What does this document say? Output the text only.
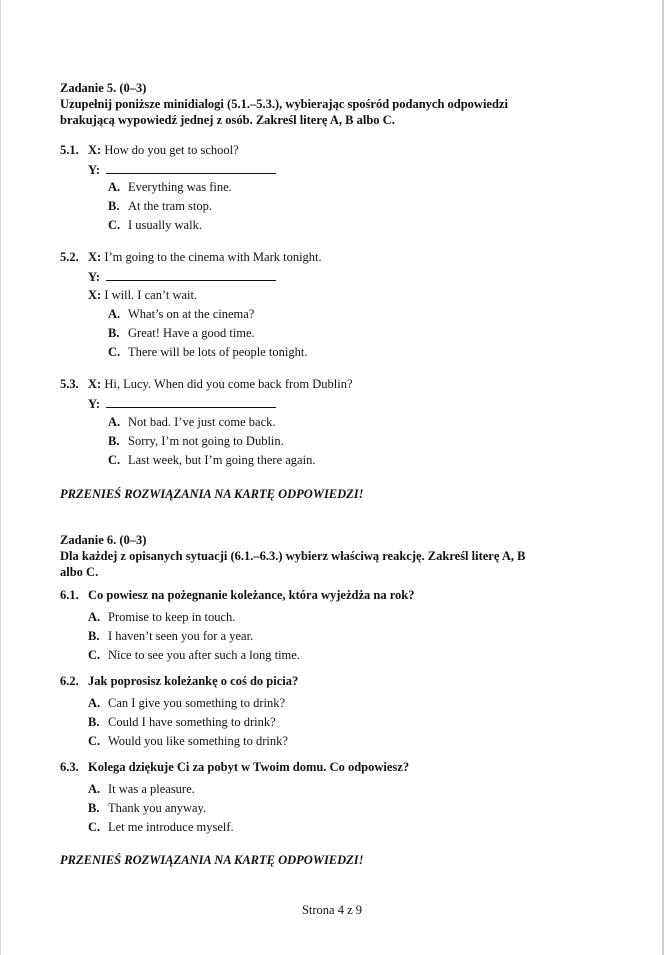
Zadanie 5. (0–3)
Uzupełnij poniższe minidialogi (5.1.–5.3.), wybierając spośród podanych odpowiedzi
brakującą wypowiedź jednej z osób. Zakreśl literę A, B albo C.
5.1. X: How do you get to school?
Y:
A. Everything was fine.
B. At the tram stop.
C. I usually walk.
5.2. X: I’m going to the cinema with Mark tonight.
Y:
X: I will. I can’t wait.
A. What’s on at the cinema?
B. Great! Have a good time.
C. There will be lots of people tonight.
5.3. X: Hi, Lucy. When did you come back from Dublin?
Y:
A. Not bad. I’ve just come back.
B. Sorry, I’m not going to Dublin.
C. Last week, but I’m going there again.
PRZENIEŚ ROZWIĄZANIA NA KARTĘ ODPOWIEDZI!
Zadanie 6. (0–3)
Dla każdej z opisanych sytuacji (6.1.–6.3.) wybierz właściwą reakcję. Zakreśl literę A, B
albo C.
6.1. Co powiesz na pożegnanie koleżance, która wyjeżdża na rok?
A. Promise to keep in touch.
B. I haven’t seen you for a year.
C. Nice to see you after such a long time.
6.2. Jak poprosisz koleżankę o coś do picia?
A. Can I give you something to drink?
B. Could I have something to drink?
C. Would you like something to drink?
6.3. Kolega dziękuje Ci za pobyt w Twoim domu. Co odpowiesz?
A. It was a pleasure.
B. Thank you anyway.
C. Let me introduce myself.
PRZENIEŚ ROZWIĄZANIA NA KARTĘ ODPOWIEDZI!
Strona 4 z 9
